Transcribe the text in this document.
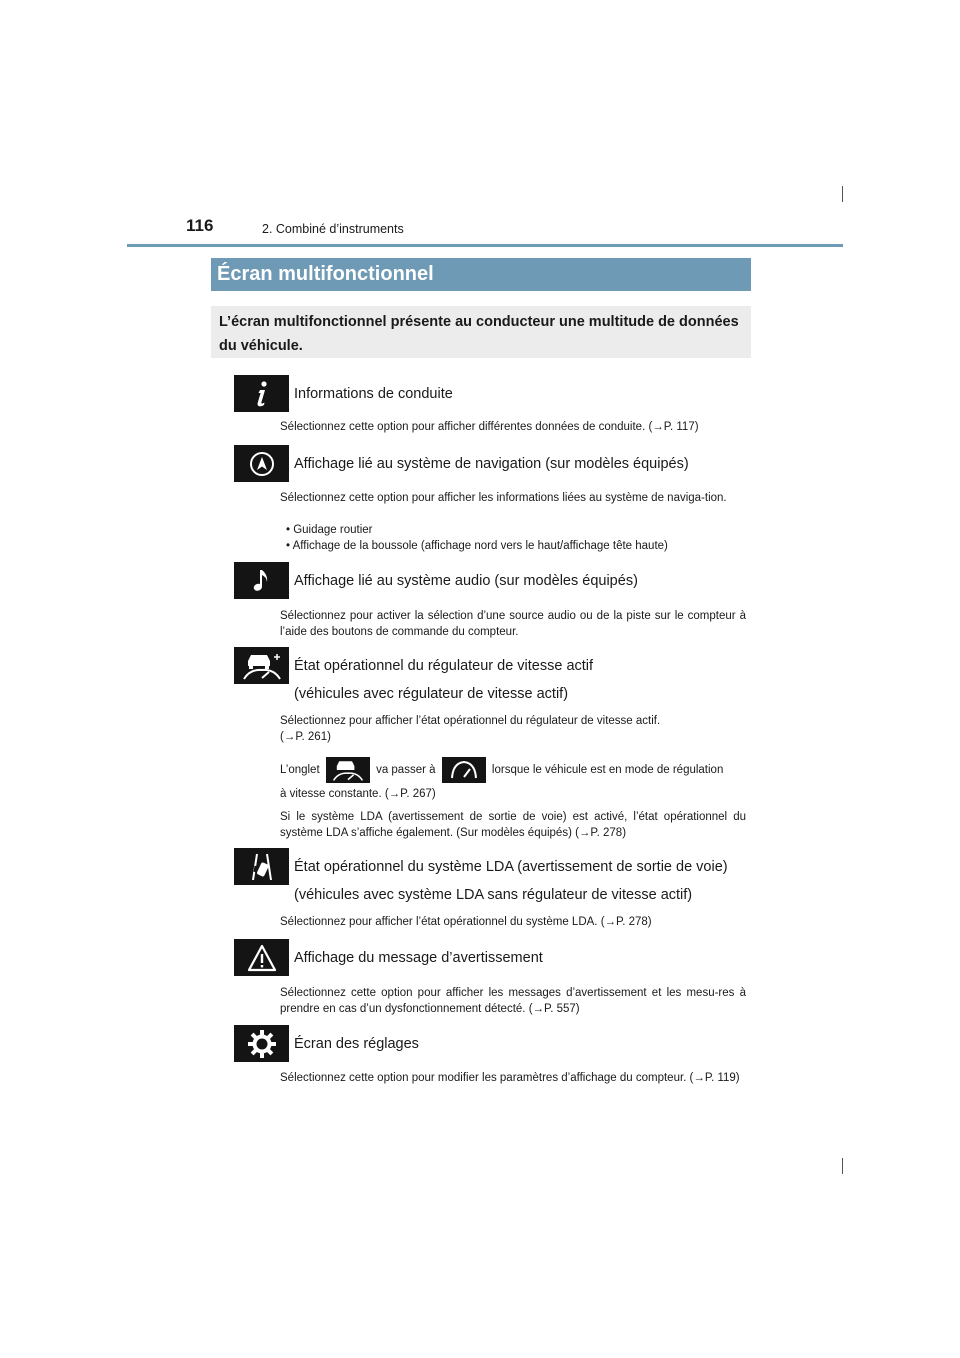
116	2. Combiné d’instruments
Écran multifonctionnel
L’écran multifonctionnel présente au conducteur une multitude de données du véhicule.
Informations de conduite
Sélectionnez cette option pour afficher différentes données de conduite. (→P. 117)
Affichage lié au système de navigation (sur modèles équipés)
Sélectionnez cette option pour afficher les informations liées au système de naviga-tion.
• Guidage routier
• Affichage de la boussole (affichage nord vers le haut/affichage tête haute)
Affichage lié au système audio (sur modèles équipés)
Sélectionnez pour activer la sélection d’une source audio ou de la piste sur le compteur à l’aide des boutons de commande du compteur.
État opérationnel du régulateur de vitesse actif
(véhicules avec régulateur de vitesse actif)
Sélectionnez pour afficher l’état opérationnel du régulateur de vitesse actif.
(→P. 261)
L’onglet	va passer à	lorsque le véhicule est en mode de régulation
à vitesse constante. (→P. 267)
Si le système LDA (avertissement de sortie de voie) est activé, l’état opérationnel du système LDA s’affiche également. (Sur modèles équipés) (→P. 278)
État opérationnel du système LDA (avertissement de sortie de voie)
(véhicules avec système LDA sans régulateur de vitesse actif)
Sélectionnez pour afficher l’état opérationnel du système LDA. (→P. 278)
Affichage du message d’avertissement
Sélectionnez cette option pour afficher les messages d’avertissement et les mesu-res à prendre en cas d’un dysfonctionnement détecté. (→P. 557)
Écran des réglages
Sélectionnez cette option pour modifier les paramètres d’affichage du compteur. (→P. 119)
